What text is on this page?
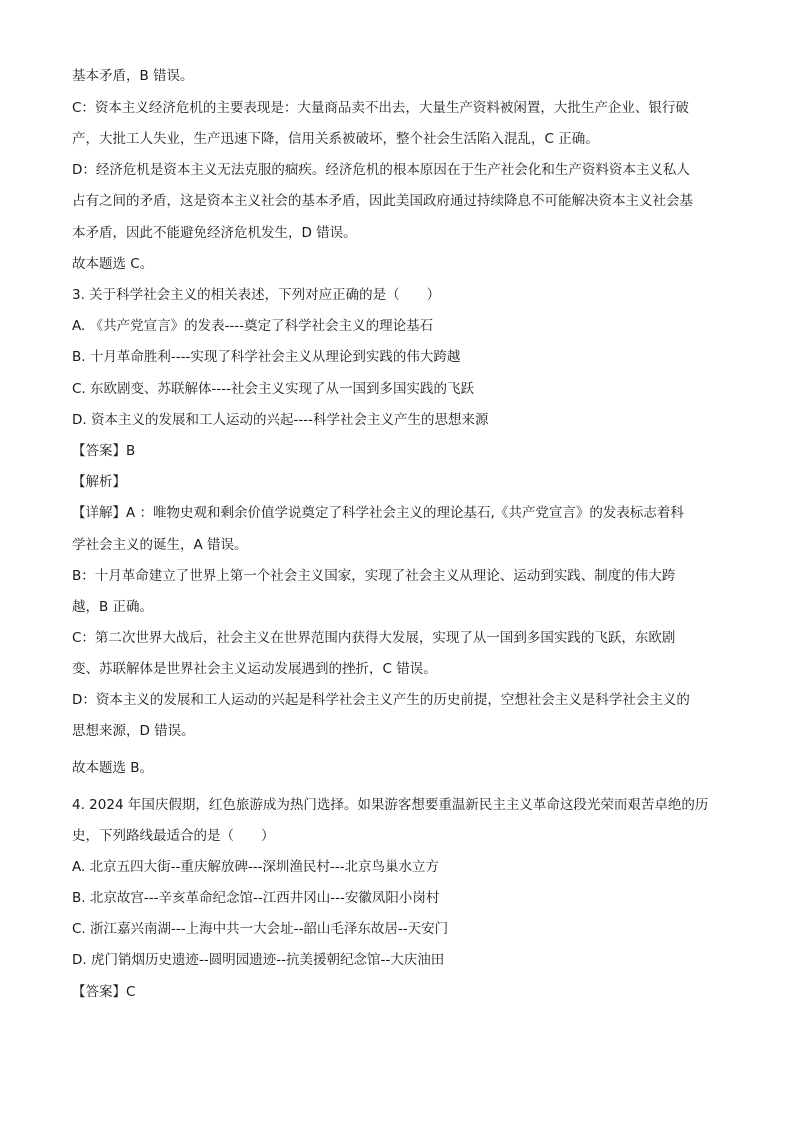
基本矛盾，B 错误。
C：资本主义经济危机的主要表现是：大量商品卖不出去，大量生产资料被闲置，大批生产企业、银行破
产，大批工人失业，生产迅速下降，信用关系被破坏，整个社会生活陷入混乱，C 正确。
D：经济危机是资本主义无法克服的痼疾。经济危机的根本原因在于生产社会化和生产资料资本主义私人
占有之间的矛盾，这是资本主义社会的基本矛盾，因此美国政府通过持续降息不可能解决资本主义社会基
本矛盾，因此不能避免经济危机发生，D 错误。
故本题选 C。
3. 关于科学社会主义的相关表述，下列对应正确的是（　　）
A. 《共产党宣言》的发表----奠定了科学社会主义的理论基石
B. 十月革命胜利----实现了科学社会主义从理论到实践的伟大跨越
C. 东欧剧变、苏联解体----社会主义实现了从一国到多国实践的飞跃
D. 资本主义的发展和工人运动的兴起----科学社会主义产生的思想来源
【答案】B
【解析】
【详解】A ：唯物史观和剩余价值学说奠定了科学社会主义的理论基石,《共产党宣言》的发表标志着科
学社会主义的诞生，A 错误。
B：十月革命建立了世界上第一个社会主义国家，实现了社会主义从理论、运动到实践、制度的伟大跨
越，B 正确。
C：第二次世界大战后，社会主义在世界范围内获得大发展，实现了从一国到多国实践的飞跃，东欧剧
变、苏联解体是世界社会主义运动发展遇到的挫折，C 错误。
D：资本主义的发展和工人运动的兴起是科学社会主义产生的历史前提，空想社会主义是科学社会主义的
思想来源，D 错误。
故本题选 B。
4. 2024 年国庆假期，红色旅游成为热门选择。如果游客想要重温新民主主义革命这段光荣而艰苦卓绝的历
史，下列路线最适合的是（　　）
A. 北京五四大街--重庆解放碑---深圳渔民村---北京鸟巢水立方
B. 北京故宫---辛亥革命纪念馆--江西井冈山---安徽凤阳小岗村
C. 浙江嘉兴南湖---上海中共一大会址--韶山毛泽东故居--天安门
D. 虎门销烟历史遗迹--圆明园遗迹--抗美援朝纪念馆--大庆油田
【答案】C
